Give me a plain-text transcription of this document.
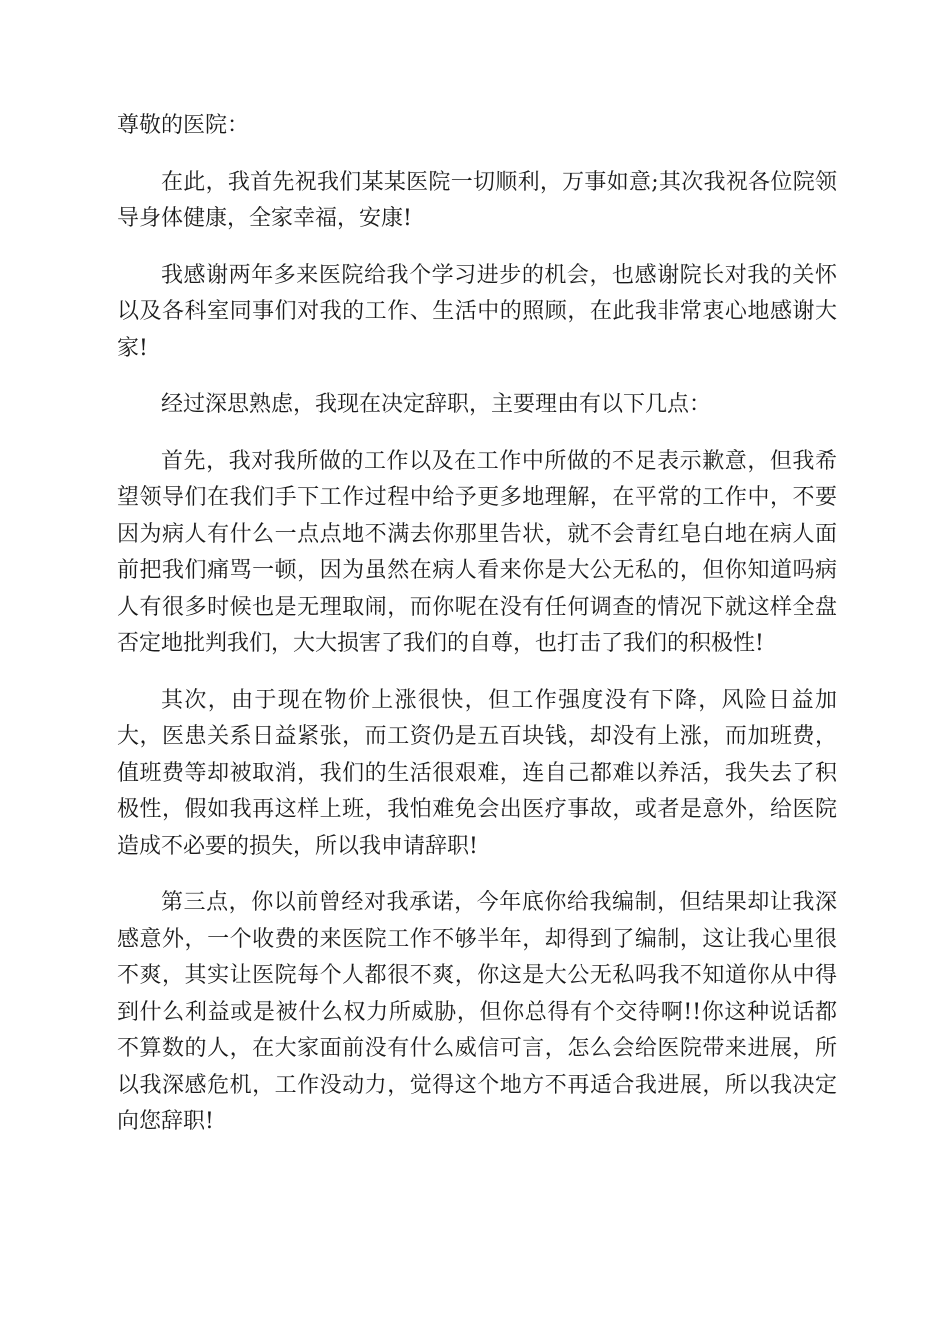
尊敬的医院：

在此，我首先祝我们某某医院一切顺利，万事如意;其次我祝各位院领导身体健康，全家幸福，安康!

我感谢两年多来医院给我个学习进步的机会，也感谢院长对我的关怀以及各科室同事们对我的工作、生活中的照顾，在此我非常衷心地感谢大家!

经过深思熟虑，我现在决定辞职，主要理由有以下几点：

首先，我对我所做的工作以及在工作中所做的不足表示歉意，但我希望领导们在我们手下工作过程中给予更多地理解，在平常的工作中，不要因为病人有什么一点点地不满去你那里告状，就不会青红皂白地在病人面前把我们痛骂一顿，因为虽然在病人看来你是大公无私的，但你知道吗病人有很多时候也是无理取闹，而你呢在没有任何调查的情况下就这样全盘否定地批判我们，大大损害了我们的自尊，也打击了我们的积极性!

其次，由于现在物价上涨很快，但工作强度没有下降，风险日益加大，医患关系日益紧张，而工资仍是五百块钱，却没有上涨，而加班费，值班费等却被取消，我们的生活很艰难，连自己都难以养活，我失去了积极性，假如我再这样上班，我怕难免会出医疗事故，或者是意外，给医院造成不必要的损失，所以我申请辞职!

第三点，你以前曾经对我承诺，今年底你给我编制，但结果却让我深感意外，一个收费的来医院工作不够半年，却得到了编制，这让我心里很不爽，其实让医院每个人都很不爽，你这是大公无私吗我不知道你从中得到什么利益或是被什么权力所威胁，但你总得有个交待啊!!你这种说话都不算数的人，在大家面前没有什么威信可言，怎么会给医院带来进展，所以我深感危机，工作没动力，觉得这个地方不再适合我进展，所以我决定向您辞职!
